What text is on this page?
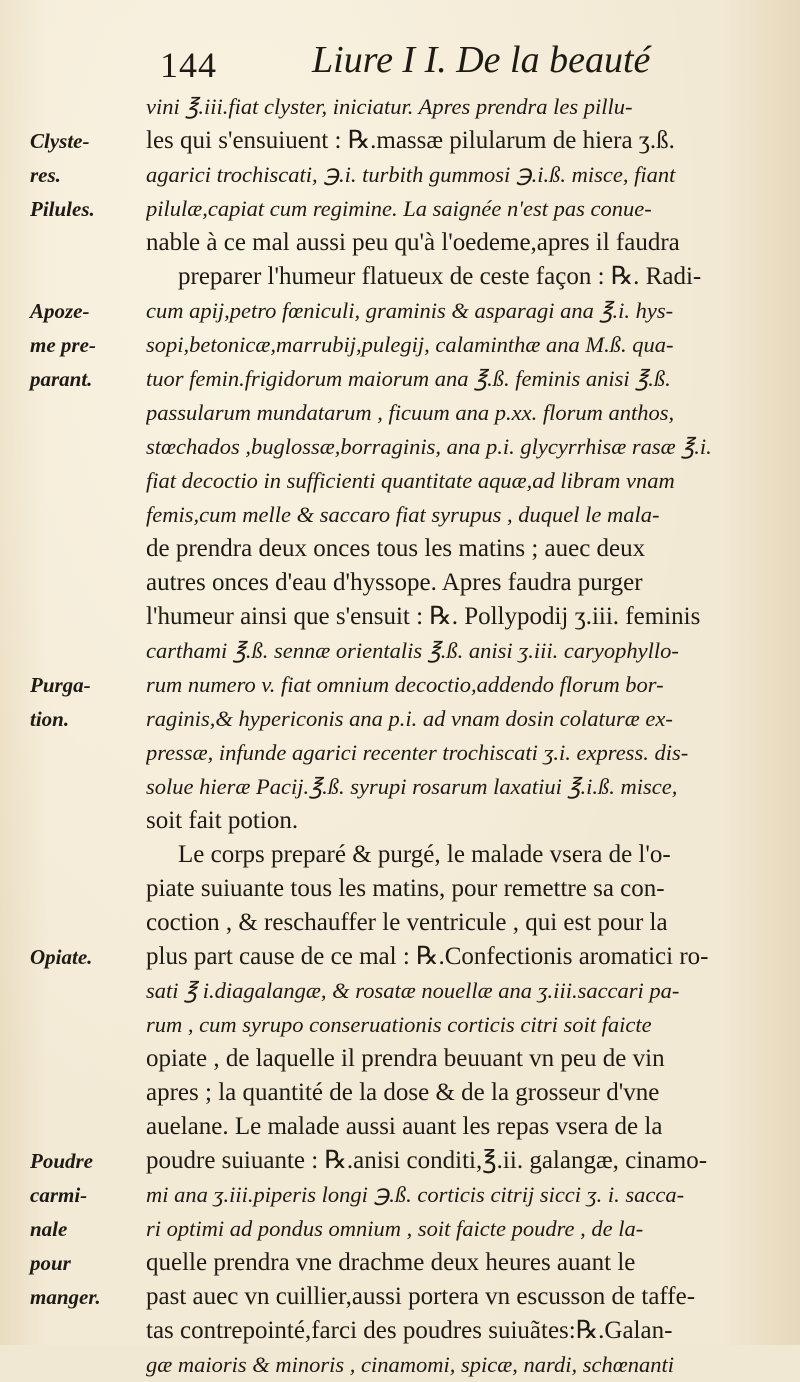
144	Liure I I. De la beauté
vini ℥.iii.fiat clyster, iniciatur. Apres prendra les pillu-
les qui s'ensuiuent : ℞.massæ pilularum de hiera ʒ.ß.
agarici trochiscati, ℈.i. turbith gummosi ℈.i.ß. misce, fiant
pilulæ,capiat cum regimine. La saignée n'est pas conue-
nable à ce mal aussi peu qu'à l'oedeme,apres il faudra
preparer l'humeur flatueux de ceste façon : ℞. Radi-
cum apij,petro fœniculi, graminis & asparagi ana ℥.i. hys-
sopi,betonicæ,marrubij,pulegij, calaminthæ ana M.ß. qua-
tuor femin.frigidorum maiorum ana ℥.ß. feminis anisi ℥.ß.
passularum mundatarum , ficuum ana p.xx. florum anthos,
stœchados ,buglossæ,borraginis, ana p.i. glycyrrhisæ rasæ ℥.i.
fiat decoctio in sufficienti quantitate aquæ,ad libram vnam
femis,cum melle & saccaro fiat syrupus , duquel le mala-
de prendra deux onces tous les matins ; auec deux
autres onces d'eau d'hyssope. Apres faudra purger
l'humeur ainsi que s'ensuit : ℞. Pollypodij ʒ.iii. feminis
carthami ℥.ß. sennæ orientalis ℥.ß. anisi ʒ.iii. caryophyllo-
rum numero v. fiat omnium decoctio,addendo florum bor-
raginis,& hypericonis ana p.i. ad vnam dosin colaturæ ex-
pressæ, infunde agarici recenter trochiscati ʒ.i. express. dis-
solue hieræ Pacij.℥.ß. syrupi rosarum laxatiui ℥.i.ß. misce,
soit fait potion.
Le corps preparé & purgé, le malade vsera de l'o-
piate suiuante tous les matins, pour remettre sa con-
coction , & reschauffer le ventricule , qui est pour la
plus part cause de ce mal : ℞.Confectionis aromatici ro-
sati ℥ i.diagalangæ, & rosatæ nouellæ ana ʒ.iii.saccari pa-
rum , cum syrupo conseruationis corticis citri soit faicte
opiate , de laquelle il prendra beuuant vn peu de vin
apres ; la quantité de la dose & de la grosseur d'vne
auelane. Le malade aussi auant les repas vsera de la
poudre suiuante : ℞.anisi conditi,℥.ii. galangæ, cinamo-
mi ana ʒ.iii.piperis longi ℈.ß. corticis citrij sicci ʒ. i. sacca-
ri optimi ad pondus omnium , soit faicte poudre , de la-
quelle prendra vne drachme deux heures auant le
past auec vn cuillier,aussi portera vn escusson de taffe-
tas contrepointé,farci des poudres suiuãtes:℞.Galan-
gæ maioris & minoris , cinamomi, spicæ, nardi, schœnanti
Clyste-
res.
Pilules.
Apoze-
me pre-
parant.
Purga-
tion.
Opiate.
Poudre
carmi-
nale
pour
manger.
